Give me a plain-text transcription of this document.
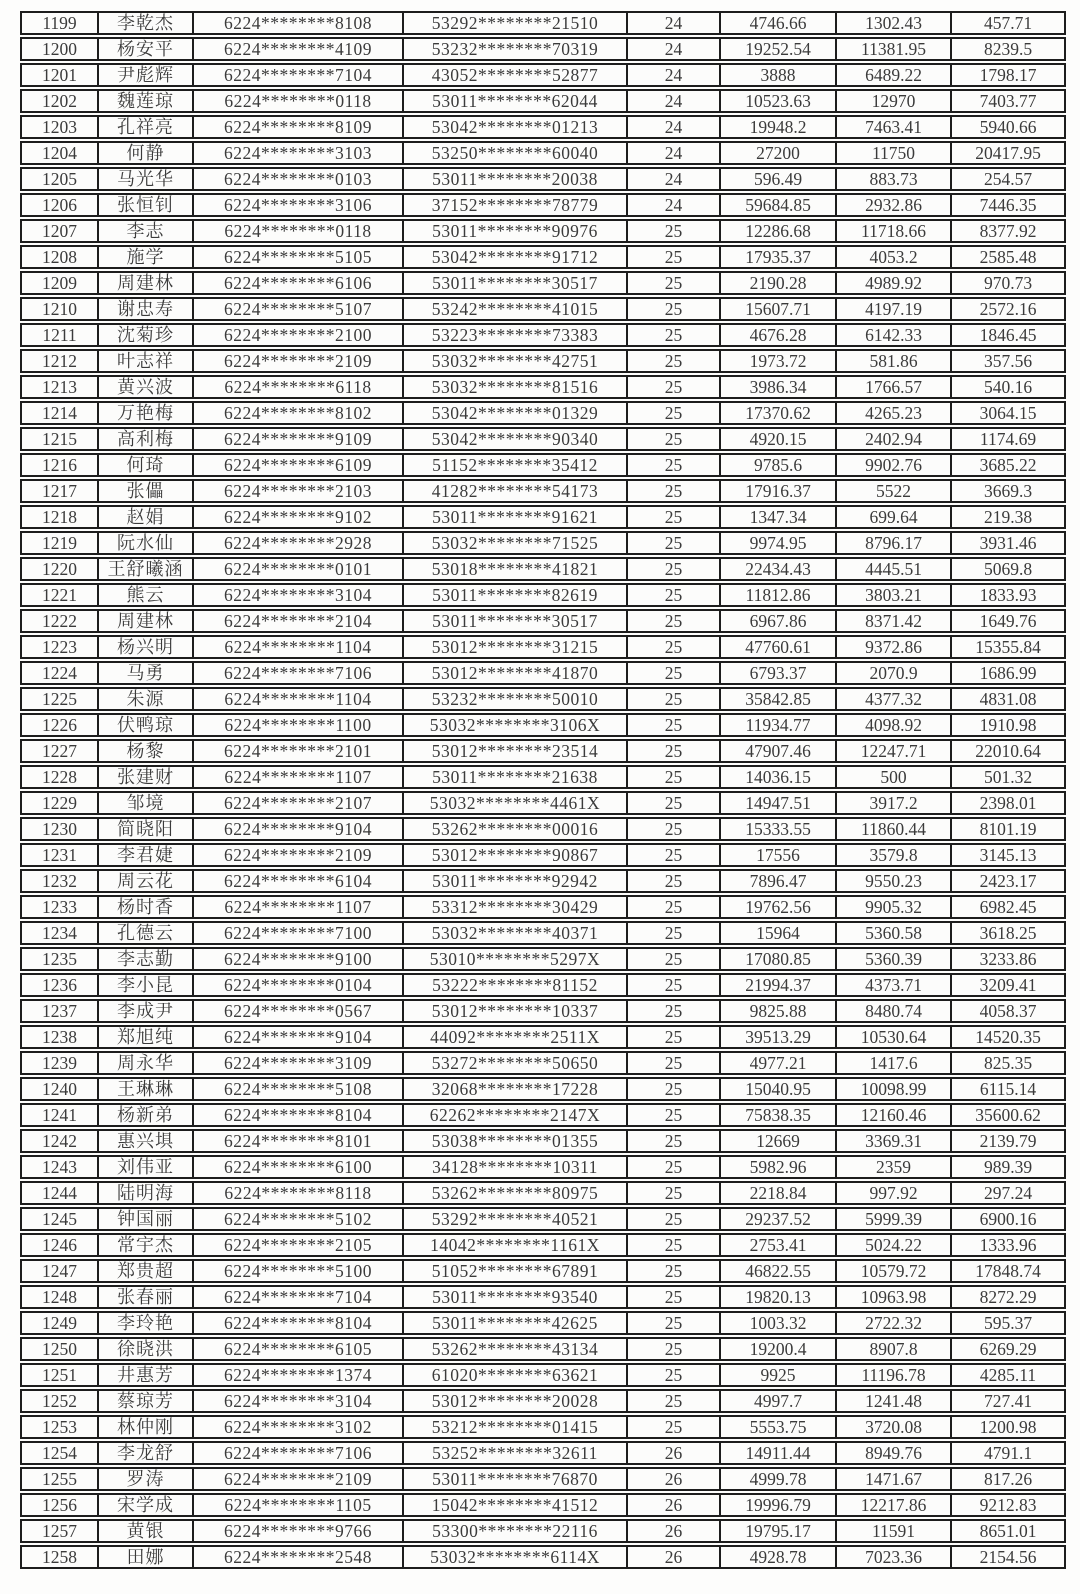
1199	李乾杰	6224********8108	53292********21510	24	4746.66	1302.43	457.71
1200	杨安平	6224********4109	53232********70319	24	19252.54	11381.95	8239.5
1201	尹彪辉	6224********7104	43052********52877	24	3888	6489.22	1798.17
1202	魏莲琼	6224********0118	53011********62044	24	10523.63	12970	7403.77
1203	孔祥亮	6224********8109	53042********01213	24	19948.2	7463.41	5940.66
1204	何静	6224********3103	53250********60040	24	27200	11750	20417.95
1205	马光华	6224********0103	53011********20038	24	596.49	883.73	254.57
1206	张恒钊	6224********3106	37152********78779	24	59684.85	2932.86	7446.35
1207	李志	6224********0118	53011********90976	25	12286.68	11718.66	8377.92
1208	施学	6224********5105	53042********91712	25	17935.37	4053.2	2585.48
1209	周建林	6224********6106	53011********30517	25	2190.28	4989.92	970.73
1210	谢忠寿	6224********5107	53242********41015	25	15607.71	4197.19	2572.16
1211	沈菊珍	6224********2100	53223********73383	25	4676.28	6142.33	1846.45
1212	叶志祥	6224********2109	53032********42751	25	1973.72	581.86	357.56
1213	黄兴波	6224********6118	53032********81516	25	3986.34	1766.57	540.16
1214	万艳梅	6224********8102	53042********01329	25	17370.62	4265.23	3064.15
1215	高利梅	6224********9109	53042********90340	25	4920.15	2402.94	1174.69
1216	何琦	6224********6109	51152********35412	25	9785.6	9902.76	3685.22
1217	张儡	6224********2103	41282********54173	25	17916.37	5522	3669.3
1218	赵娟	6224********9102	53011********91621	25	1347.34	699.64	219.38
1219	阮水仙	6224********2928	53032********71525	25	9974.95	8796.17	3931.46
1220	王舒曦涵	6224********0101	53018********41821	25	22434.43	4445.51	5069.8
1221	熊云	6224********3104	53011********82619	25	11812.86	3803.21	1833.93
1222	周建林	6224********2104	53011********30517	25	6967.86	8371.42	1649.76
1223	杨兴明	6224********1104	53012********31215	25	47760.61	9372.86	15355.84
1224	马勇	6224********7106	53012********41870	25	6793.37	2070.9	1686.99
1225	朱源	6224********1104	53232********50010	25	35842.85	4377.32	4831.08
1226	伏鸭琼	6224********1100	53032********3106X	25	11934.77	4098.92	1910.98
1227	杨黎	6224********2101	53012********23514	25	47907.46	12247.71	22010.64
1228	张建财	6224********1107	53011********21638	25	14036.15	500	501.32
1229	邹境	6224********2107	53032********4461X	25	14947.51	3917.2	2398.01
1230	简晓阳	6224********9104	53262********00016	25	15333.55	11860.44	8101.19
1231	李君婕	6224********2109	53012********90867	25	17556	3579.8	3145.13
1232	周云花	6224********6104	53011********92942	25	7896.47	9550.23	2423.17
1233	杨时香	6224********1107	53312********30429	25	19762.56	9905.32	6982.45
1234	孔德云	6224********7100	53032********40371	25	15964	5360.58	3618.25
1235	李志勤	6224********9100	53010********5297X	25	17080.85	5360.39	3233.86
1236	李小昆	6224********0104	53222********81152	25	21994.37	4373.71	3209.41
1237	李成尹	6224********0567	53012********10337	25	9825.88	8480.74	4058.37
1238	郑旭纯	6224********9104	44092********2511X	25	39513.29	10530.64	14520.35
1239	周永华	6224********3109	53272********50650	25	4977.21	1417.6	825.35
1240	王琳琳	6224********5108	32068********17228	25	15040.95	10098.99	6115.14
1241	杨新弟	6224********8104	62262********2147X	25	75838.35	12160.46	35600.62
1242	惠兴埧	6224********8101	53038********01355	25	12669	3369.31	2139.79
1243	刘伟亚	6224********6100	34128********10311	25	5982.96	2359	989.39
1244	陆明海	6224********8118	53262********80975	25	2218.84	997.92	297.24
1245	钟国丽	6224********5102	53292********40521	25	29237.52	5999.39	6900.16
1246	常宇杰	6224********2105	14042********1161X	25	2753.41	5024.22	1333.96
1247	郑贵超	6224********5100	51052********67891	25	46822.55	10579.72	17848.74
1248	张春丽	6224********7104	53011********93540	25	19820.13	10963.98	8272.29
1249	李玲艳	6224********8104	53011********42625	25	1003.32	2722.32	595.37
1250	徐晓洪	6224********6105	53262********43134	25	19200.4	8907.8	6269.29
1251	井惠芳	6224********1374	61020********63621	25	9925	11196.78	4285.11
1252	蔡琼芳	6224********3104	53012********20028	25	4997.7	1241.48	727.41
1253	林仲刚	6224********3102	53212********01415	25	5553.75	3720.08	1200.98
1254	李龙舒	6224********7106	53252********32611	26	14911.44	8949.76	4791.1
1255	罗涛	6224********2109	53011********76870	26	4999.78	1471.67	817.26
1256	宋学成	6224********1105	15042********41512	26	19996.79	12217.86	9212.83
1257	黄银	6224********9766	53300********22116	26	19795.17	11591	8651.01
1258	田娜	6224********2548	53032********6114X	26	4928.78	7023.36	2154.56
